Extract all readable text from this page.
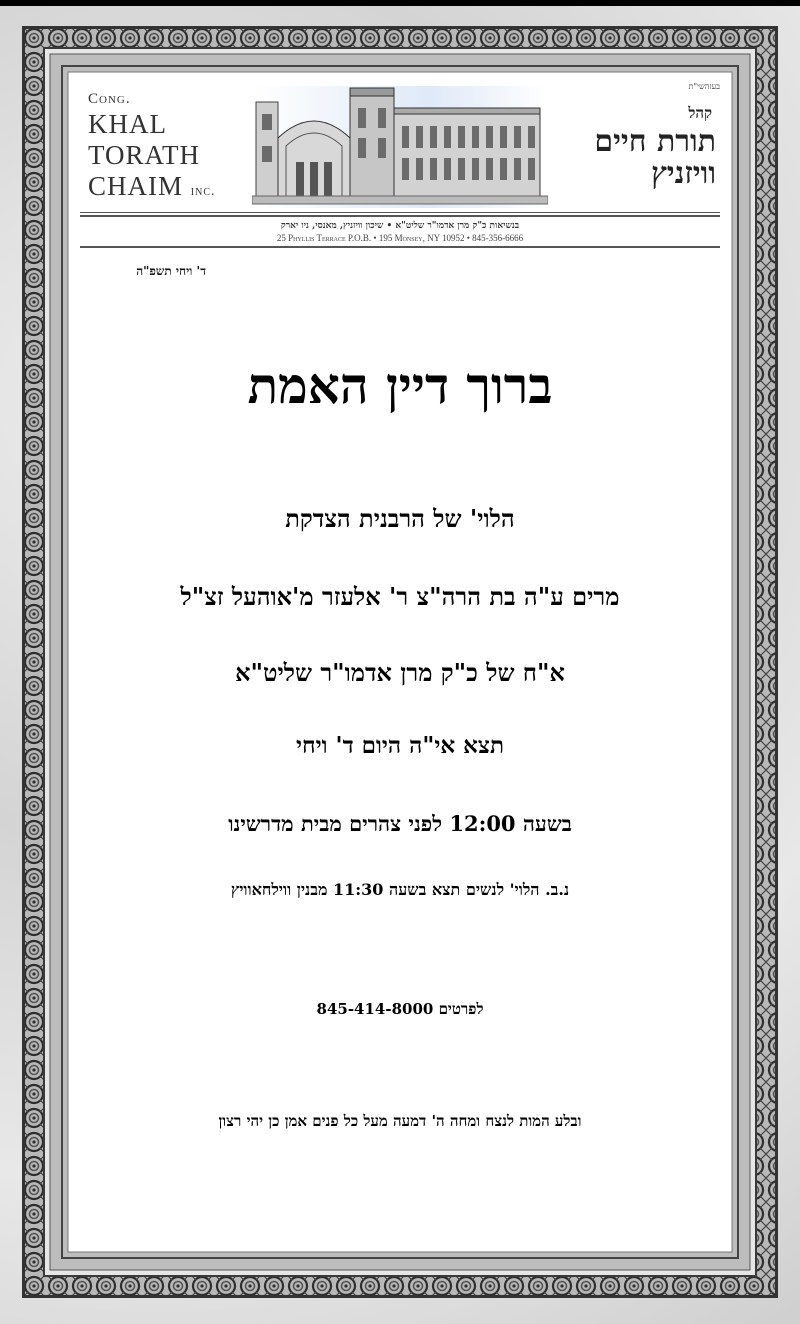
Cong.
KHAL
TORATH
CHAIM inc.
בעזהשי"ת
קהל
תורת חיים
וויזניץ
בנשיאות כ"ק מרן אדמו"ר שליט"א • שיכון וויזניץ, מאנסי, ניו יארק
25 Phyllis Terrace P.O.B. • 195 Monsey, NY 10952 • 845-356-6666
ד' ויחי תשפ"ה
ברוך דיין האמת
הלוי' של הרבנית הצדקת
מרים ע"ה בת הרה"צ ר' אלעזר מ'אוהעל זצ"ל
א"ח של כ"ק מרן אדמו"ר שליט"א
תצא אי"ה היום ד' ויחי
בשעה 12:00 לפני צהרים מבית מדרשינו
נ.ב. הלוי' לנשים תצא בשעה 11:30 מבנין ווילחאוויץ
לפרטים 845-414-8000
ובלע המות לנצח ומחה ה' דמעה מעל כל פנים אמן כן יהי רצון
